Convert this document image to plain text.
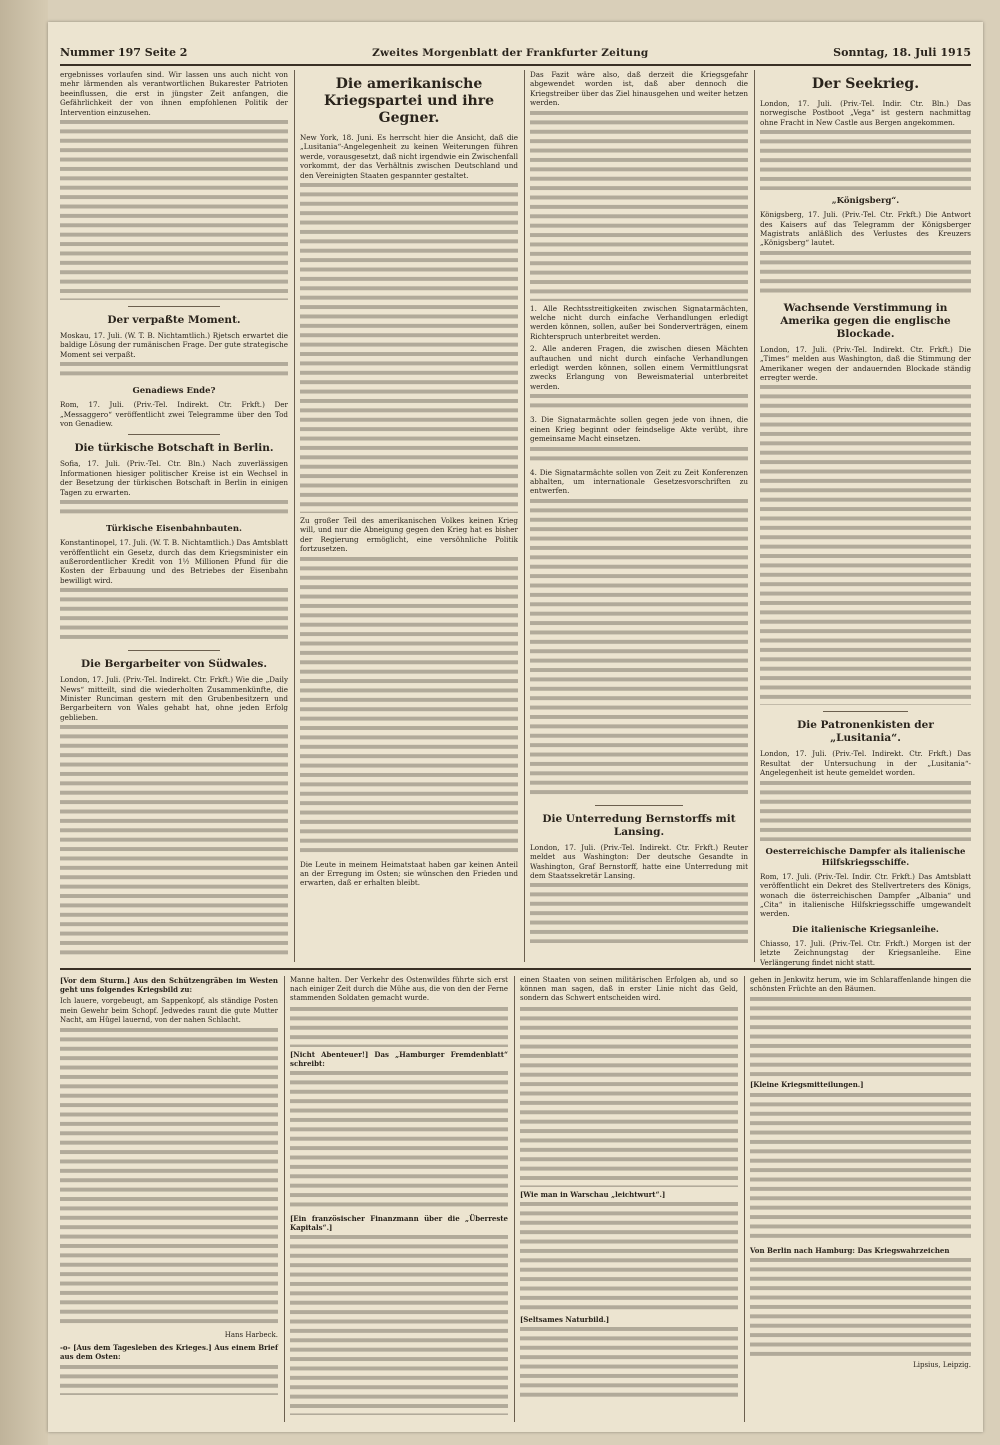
Nummer 197 Seite 2	Zweites Morgenblatt der Frankfurter Zeitung	Sonntag, 18. Juli 1915

ergebnisses vorlaufen sind. Wir lassen uns auch nicht von mehr lärmenden als verantwortlichen Bukarester Patrioten beeinflussen, die erst in jüngster Zeit anfangen, die Gefährlichkeit der von ihnen empfohlenen Politik der Intervention einzusehen.

Der verpaßte Moment.

Moskau, 17. Juli. (W. T. B. Nichtamtlich.) Rjetsch erwartet die baldige Lösung der rumänischen Frage. Der gute strategische Moment sei verpaßt.

Genadiews Ende?

Rom, 17. Juli. (Priv.-Tel. Indirekt. Ctr. Frkft.) Der „Messaggero“ veröffentlicht zwei Telegramme über den Tod von Genadiew.

Die türkische Botschaft in Berlin.

Sofia, 17. Juli. (Priv.-Tel. Ctr. Bln.) Nach zuverlässigen Informationen hiesiger politischer Kreise ist ein Wechsel in der Besetzung der türkischen Botschaft in Berlin in einigen Tagen zu erwarten.

Türkische Eisenbahnbauten.

Konstantinopel, 17. Juli. (W. T. B. Nichtamtlich.) Das Amtsblatt veröffentlicht ein Gesetz, durch das dem Kriegsminister ein außerordentlicher Kredit von 1½ Millionen Pfund für die Kosten der Erbauung und des Betriebes der Eisenbahn bewilligt wird.

Die Bergarbeiter von Südwales.

London, 17. Juli. (Priv.-Tel. Indirekt. Ctr. Frkft.) Wie die „Daily News“ mitteilt, sind die wiederholten Zusammenkünfte, die Minister Runciman gestern mit den Grubenbesitzern und Bergarbeitern von Wales gehabt hat, ohne jeden Erfolg geblieben.

Die amerikanische Kriegspartei und ihre Gegner.

New York, 18. Juni. Es herrscht hier die Ansicht, daß die „Lusitania“-Angelegenheit zu keinen Weiterungen führen werde, vorausgesetzt, daß nicht irgendwie ein Zwischenfall vorkommt, der das Verhältnis zwischen Deutschland und den Vereinigten Staaten gespannter gestaltet.

Zu großer Teil des amerikanischen Volkes keinen Krieg will, und nur die Abneigung gegen den Krieg hat es bisher der Regierung ermöglicht, eine versöhnliche Politik fortzusetzen.

Die Leute in meinem Heimatstaat haben gar keinen Anteil an der Erregung im Osten; sie wünschen den Frieden und erwarten, daß er erhalten bleibt.

Das Fazit wäre also, daß derzeit die Kriegsgefahr abgewendet worden ist, daß aber dennoch die Kriegstreiber über das Ziel hinausgehen und weiter hetzen werden.

1. Alle Rechtsstreitigkeiten zwischen Signatarmächten, welche nicht durch einfache Verhandlungen erledigt werden können, sollen, außer bei Sonderverträgen, einem Richterspruch unterbreitet werden.

2. Alle anderen Fragen, die zwischen diesen Mächten auftauchen und nicht durch einfache Verhandlungen erledigt werden können, sollen einem Vermittlungsrat zwecks Erlangung von Beweismaterial unterbreitet werden.

3. Die Signatarmächte sollen gegen jede von ihnen, die einen Krieg beginnt oder feindselige Akte verübt, ihre gemeinsame Macht einsetzen.

4. Die Signatarmächte sollen von Zeit zu Zeit Konferenzen abhalten, um internationale Gesetzesvorschriften zu entwerfen.

Die Unterredung Bernstorffs mit Lansing.

London, 17. Juli. (Priv.-Tel. Indirekt. Ctr. Frkft.) Reuter meldet aus Washington: Der deutsche Gesandte in Washington, Graf Bernstorff, hatte eine Unterredung mit dem Staatssekretär Lansing.

Der Seekrieg.

London, 17. Juli. (Priv.-Tel. Indir. Ctr. Bln.) Das norwegische Postboot „Vega“ ist gestern nachmittag ohne Fracht in New Castle aus Bergen angekommen.

„Königsberg“.

Königsberg, 17. Juli. (Priv.-Tel. Ctr. Frkft.) Die Antwort des Kaisers auf das Telegramm der Königsberger Magistrats anläßlich des Verlustes des Kreuzers „Königsberg“ lautet.

Wachsende Verstimmung in Amerika gegen die englische Blockade.

London, 17. Juli. (Priv.-Tel. Indirekt. Ctr. Frkft.) Die „Times“ melden aus Washington, daß die Stimmung der Amerikaner wegen der andauernden Blockade ständig erregter werde.

Die Patronenkisten der „Lusitania“.

London, 17. Juli. (Priv.-Tel. Indirekt. Ctr. Frkft.) Das Resultat der Untersuchung in der „Lusitania“-Angelegenheit ist heute gemeldet worden.

Oesterreichische Dampfer als italienische Hilfskriegsschiffe.

Rom, 17. Juli. (Priv.-Tel. Indir. Ctr. Frkft.) Das Amtsblatt veröffentlicht ein Dekret des Stellvertreters des Königs, wonach die österreichischen Dampfer „Albania“ und „Cita“ in italienische Hilfskriegsschiffe umgewandelt werden.

Die italienische Kriegsanleihe.

Chiasso, 17. Juli. (Priv.-Tel. Ctr. Frkft.) Morgen ist der letzte Zeichnungstag der Kriegsanleihe. Eine Verlängerung findet nicht statt.

[Vor dem Sturm.] Aus den Schützengräben im Westen geht uns folgendes Kriegsbild zu:

Ich lauere, vorgebeugt, am Sappenkopf, als ständige Posten mein Gewehr beim Schopf. Jedwedes raunt die gute Mutter Nacht, am Hügel lauernd, von der nahen Schlacht.

Hans Harbeck.

-o- [Aus dem Tagesleben des Krieges.] Aus einem Brief aus dem Osten:

Manne halten. Der Verkehr des Ostenwildes führte sich erst nach einiger Zeit durch die Mühe aus, die von den der Ferne stammenden Soldaten gemacht wurde.

[Nicht Abenteuer!] Das „Hamburger Fremdenblatt“ schreibt:

[Ein französischer Finanzmann über die „Überreste Kapitals“.]

einen Staaten von seinen militärischen Erfolgen ab, und so können man sagen, daß in erster Linie nicht das Geld, sondern das Schwert entscheiden wird.

[Wie man in Warschau „leichtwurt“.]

[Seltsames Naturbild.]

gehen in Jenkwitz herum, wie im Schlaraffenlande hingen die schönsten Früchte an den Bäumen.

[Kleine Kriegsmitteilungen.]

Von Berlin nach Hamburg: Das Kriegswahrzeichen

Lipsius, Leipzig.
